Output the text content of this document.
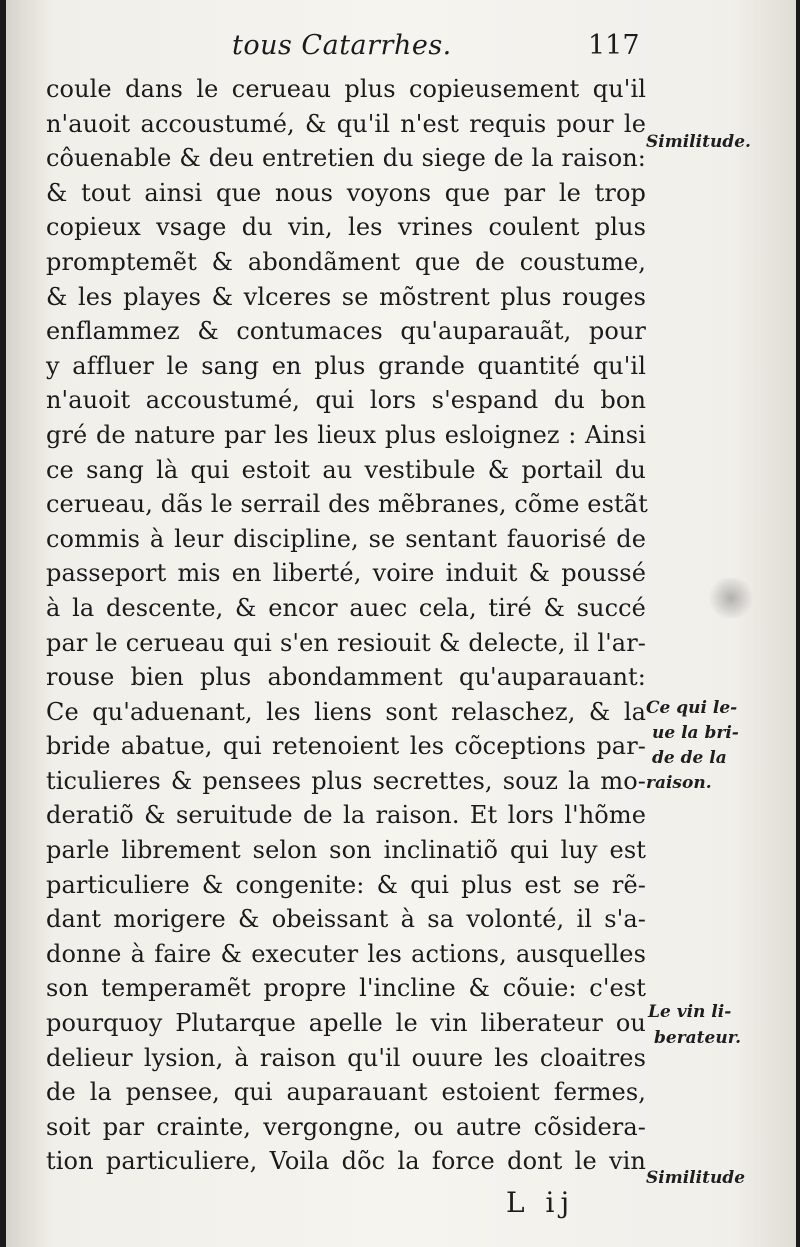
tous Catarrhes.	117
coule dans le cerueau plus copieusement qu'il
n'auoit accoustumé, & qu'il n'est requis pour le
côuenable & deu entretien du siege de la raison:
& tout ainsi que nous voyons que par le trop
copieux vsage du vin, les vrines coulent plus
promptemẽt & abondãment que de coustume,
& les playes & vlceres se mõstrent plus rouges
enflammez & contumaces qu'auparauãt, pour
y affluer le sang en plus grande quantité qu'il
n'auoit accoustumé, qui lors s'espand du bon
gré de nature par les lieux plus esloignez : Ainsi
ce sang là qui estoit au vestibule & portail du
cerueau, dãs le serrail des mẽbranes, cõme estãt
commis à leur discipline, se sentant fauorisé de
passeport mis en liberté, voire induit & poussé
à la descente, & encor auec cela, tiré & succé
par le cerueau qui s'en resiouit & delecte, il l'ar-
rouse bien plus abondamment qu'auparauant:
Ce qu'aduenant, les liens sont relaschez, & la
bride abatue, qui retenoient les cõceptions par-
ticulieres & pensees plus secrettes, souz la mo-
deratiõ & seruitude de la raison. Et lors l'hõme
parle librement selon son inclinatiõ qui luy est
particuliere & congenite: & qui plus est se rẽ-
dant morigere & obeissant à sa volonté, il s'a-
donne à faire & executer les actions, ausquelles
son temperamẽt propre l'incline & cõuie: c'est
pourquoy Plutarque apelle le vin liberateur ou
delieur lysion, à raison qu'il ouure les cloaitres
de la pensee, qui auparauant estoient fermes,
soit par crainte, vergongne, ou autre cõsidera-
tion particuliere, Voila dõc la force dont le vin
Similitude.
Ce qui le-
ue la bri-
de de la
raison.
Le vin li-
berateur.
Similitude
L ij
